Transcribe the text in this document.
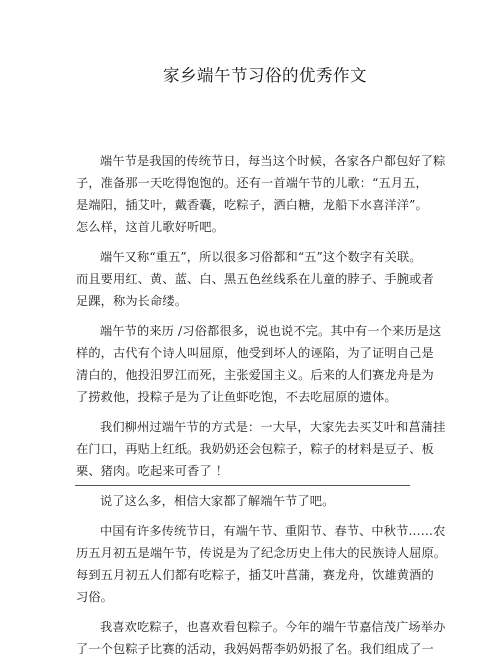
家乡端午节习俗的优秀作文
端午节是我国的传统节日，每当这个时候，各家各户都包好了粽
子，准备那一天吃得饱饱的。还有一首端午节的儿歌：“五月五，
是端阳，插艾叶，戴香囊，吃粽子，洒白糖，龙船下水喜洋洋”。
怎么样，这首儿歌好听吧。
端午又称“重五”，所以很多习俗都和“五”这个数字有关联。
而且要用红、黄、蓝、白、黑五色丝线系在儿童的脖子、手腕或者
足踝，称为长命缕。
端午节的来历 /习俗都很多，说也说不完。其中有一个来历是这
样的，古代有个诗人叫屈原，他受到坏人的诬陷，为了证明自己是
清白的，他投汨罗江而死，主张爱国主义。后来的人们赛龙舟是为
了捞救他，投粽子是为了让鱼虾吃饱，不去吃屈原的遗体。
我们柳州过端午节的方式是：一大早，大家先去买艾叶和菖蒲挂
在门口，再贴上红纸。我奶奶还会包粽子，粽子的材料是豆子、板
栗、猪肉。吃起来可香了 ！
说了这么多，相信大家都了解端午节了吧。
中国有许多传统节日，有端午节、重阳节、春节、中秋节……农
历五月初五是端午节，传说是为了纪念历史上伟大的民族诗人屈原。
每到五月初五人们都有吃粽子，插艾叶菖蒲，赛龙舟，饮雄黄酒的
习俗。
我喜欢吃粽子，也喜欢看包粽子。今年的端午节嘉信茂广场举办
了一个包粽子比赛的活动，我妈妈帮李奶奶报了名。我们组成了一
